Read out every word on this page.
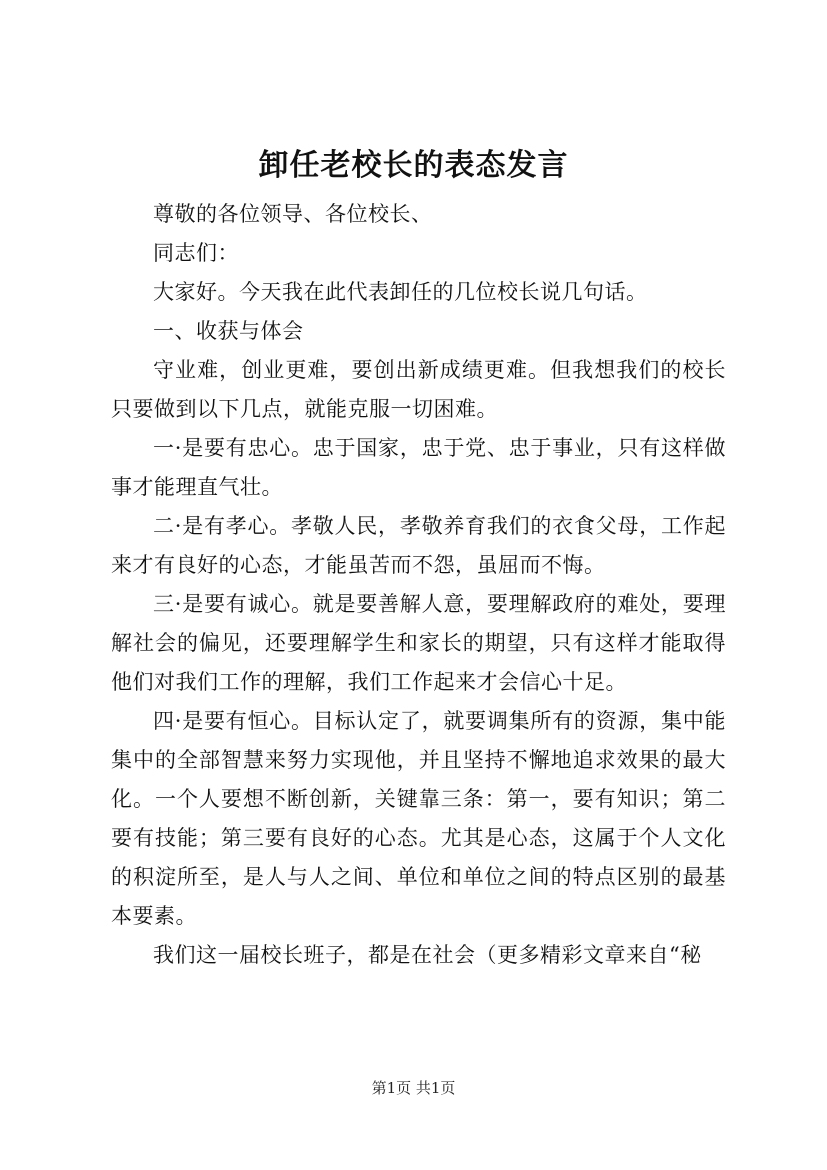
卸任老校长的表态发言

尊敬的各位领导、各位校长、

同志们：

大家好。今天我在此代表卸任的几位校长说几句话。

一、收获与体会

守业难，创业更难，要创出新成绩更难。但我想我们的校长只要做到以下几点，就能克服一切困难。

一·是要有忠心。忠于国家，忠于党、忠于事业，只有这样做事才能理直气壮。

二·是有孝心。孝敬人民，孝敬养育我们的衣食父母，工作起来才有良好的心态，才能虽苦而不怨，虽屈而不悔。

三·是要有诚心。就是要善解人意，要理解政府的难处，要理解社会的偏见，还要理解学生和家长的期望，只有这样才能取得他们对我们工作的理解，我们工作起来才会信心十足。

四·是要有恒心。目标认定了，就要调集所有的资源，集中能集中的全部智慧来努力实现他，并且坚持不懈地追求效果的最大化。一个人要想不断创新，关键靠三条：第一，要有知识；第二要有技能；第三要有良好的心态。尤其是心态，这属于个人文化的积淀所至，是人与人之间、单位和单位之间的特点区别的最基本要素。

我们这一届校长班子，都是在社会（更多精彩文章来自“秘

第1页 共1页
